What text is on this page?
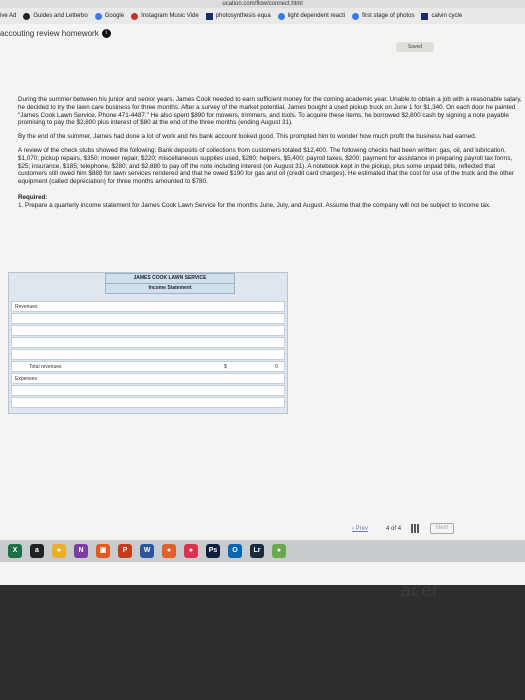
ucation.com/flow/connect.html
ive Ad	Guides and Letterbo	Google	Instagram Music Vide	photosynthesis equa	light dependent reacti	first stage of photos	calvin cycle
accouting review homework	i
Saved

During the summer between his junior and senior years, James Cook needed to earn sufficient money for the coming academic year. Unable to obtain a job with a reasonable salary, he decided to try the lawn care business for three months. After a survey of the market potential, James bought a used pickup truck on June 1 for $1,340. On each door he painted "James Cook Lawn Service, Phone 471-4487." He also spent $890 for mowers, trimmers, and tools. To acquire these items, he borrowed $2,800 cash by signing a note payable promising to pay the $2,800 plus interest of $80 at the end of the three months (ending August 31).

By the end of the summer, James had done a lot of work and his bank account looked good. This prompted him to wonder how much profit the business had earned.

A review of the check stubs showed the following: Bank deposits of collections from customers totaled $12,400. The following checks had been written: gas, oil, and lubrication, $1,070; pickup repairs, $350; mower repair, $220; miscellaneous supplies used, $280; helpers, $5,400; payroll taxes, $200; payment for assistance in preparing payroll tax forms, $25; insurance, $185; telephone, $280; and $2,880 to pay off the note including interest (on August 31). A notebook kept in the pickup, plus some unpaid bills, reflected that customers still owed him $880 for lawn services rendered and that he owed $190 for gas and oil (credit card charges). He estimated that the cost for use of the truck and the other equipment (called depreciation) for three months amounted to $780.

Required:
1. Prepare a quarterly income statement for James Cook Lawn Service for the months June, July, and August. Assume that the company will not be subject to income tax.
JAMES COOK LAWN SERVICE
Income Statement
Revenues
Total revenues	$	0
Expenses
‹ Prev	4 of 4	Next
X	a	●	N	▣	P	W	●	●	Ps	O	Lr	●
acer
